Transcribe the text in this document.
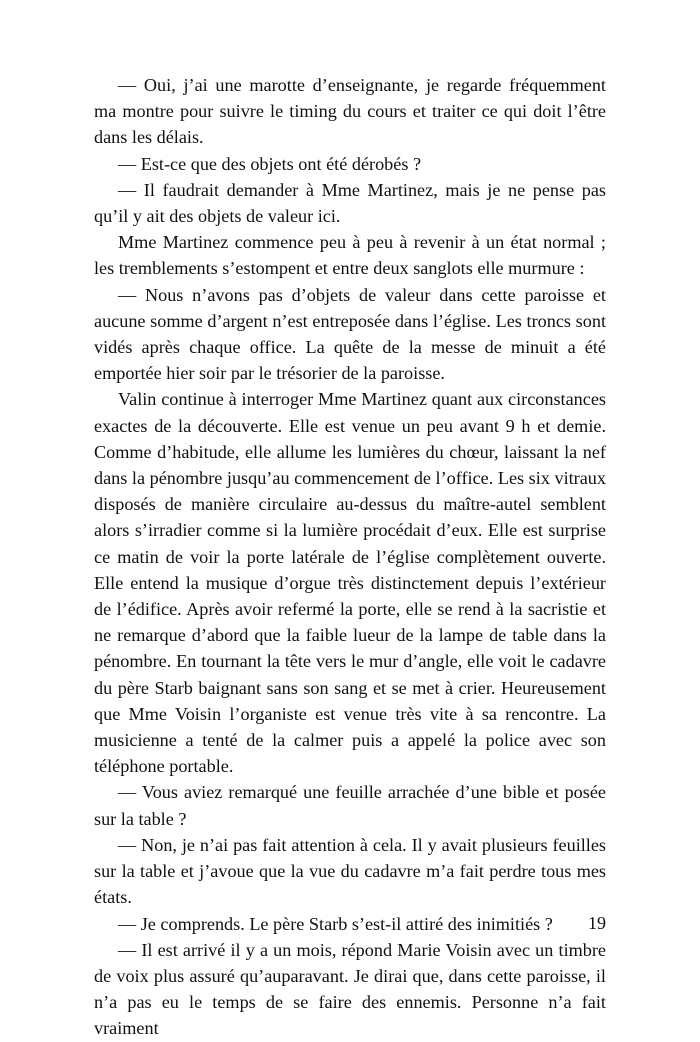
— Oui, j’ai une marotte d’enseignante, je regarde fréquemment ma montre pour suivre le timing du cours et traiter ce qui doit l’être dans les délais.

— Est-ce que des objets ont été dérobés ?

— Il faudrait demander à Mme Martinez, mais je ne pense pas qu’il y ait des objets de valeur ici.

Mme Martinez commence peu à peu à revenir à un état normal ; les tremblements s’estompent et entre deux sanglots elle murmure :

— Nous n’avons pas d’objets de valeur dans cette paroisse et aucune somme d’argent n’est entreposée dans l’église. Les troncs sont vidés après chaque office. La quête de la messe de minuit a été emportée hier soir par le trésorier de la paroisse.

Valin continue à interroger Mme Martinez quant aux circonstances exactes de la découverte. Elle est venue un peu avant 9 h et demie. Comme d’habitude, elle allume les lumières du chœur, laissant la nef dans la pénombre jusqu’au commencement de l’office. Les six vitraux disposés de manière circulaire au-dessus du maître-autel semblent alors s’irradier comme si la lumière procédait d’eux. Elle est surprise ce matin de voir la porte latérale de l’église complètement ouverte. Elle entend la musique d’orgue très distinctement depuis l’extérieur de l’édifice. Après avoir refermé la porte, elle se rend à la sacristie et ne remarque d’abord que la faible lueur de la lampe de table dans la pénombre. En tournant la tête vers le mur d’angle, elle voit le cadavre du père Starb baignant sans son sang et se met à crier. Heureusement que Mme Voisin l’organiste est venue très vite à sa rencontre. La musicienne a tenté de la calmer puis a appelé la police avec son téléphone portable.

— Vous aviez remarqué une feuille arrachée d’une bible et posée sur la table ?

— Non, je n’ai pas fait attention à cela. Il y avait plusieurs feuilles sur la table et j’avoue que la vue du cadavre m’a fait perdre tous mes états.

— Je comprends. Le père Starb s’est-il attiré des inimitiés ?

— Il est arrivé il y a un mois, répond Marie Voisin avec un timbre de voix plus assuré qu’auparavant. Je dirai que, dans cette paroisse, il n’a pas eu le temps de se faire des ennemis. Personne n’a fait vraiment

19
